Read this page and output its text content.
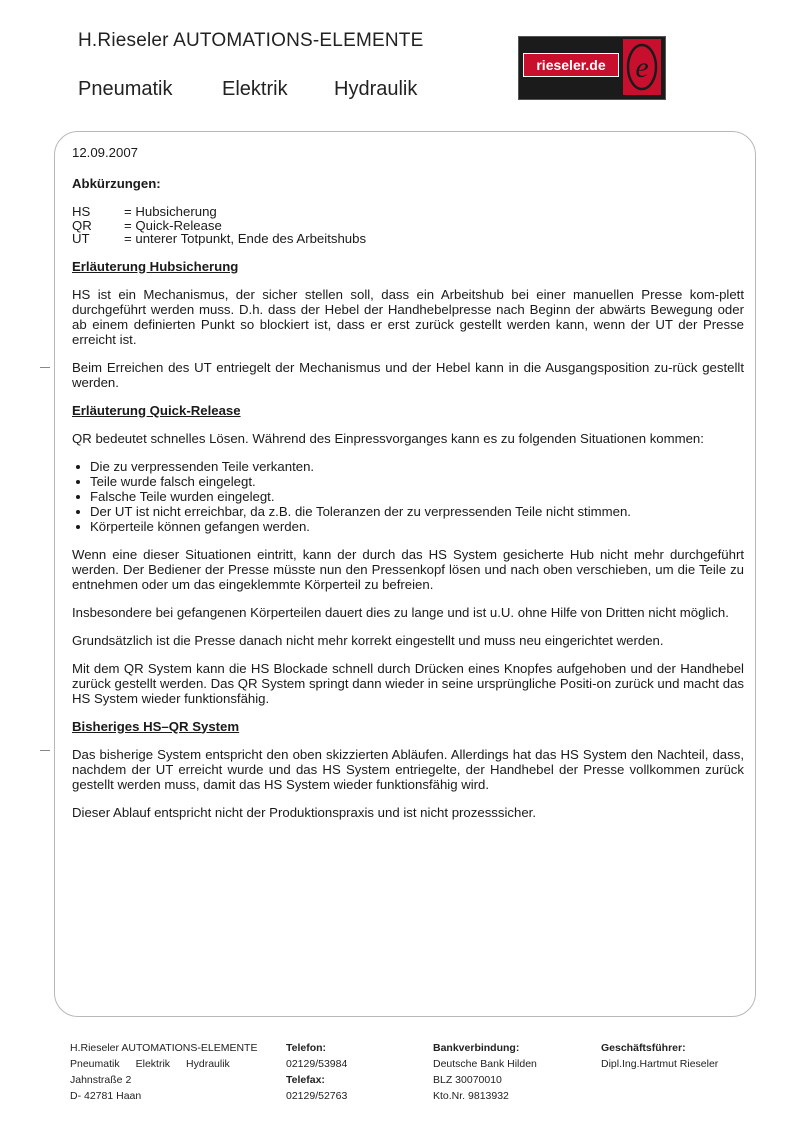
H.Rieseler AUTOMATIONS-ELEMENTE
Pneumatik Elektrik Hydraulik
rieseler.de e
12.09.2007
Abkürzungen:
HS	= Hubsicherung
QR	= Quick-Release
UT	= unterer Totpunkt, Ende des Arbeitshubs
Erläuterung Hubsicherung

HS ist ein Mechanismus, der sicher stellen soll, dass ein Arbeitshub bei einer manuellen Presse kom-plett durchgeführt werden muss. D.h. dass der Hebel der Handhebelpresse nach Beginn der abwärts Bewegung oder ab einem definierten Punkt so blockiert ist, dass er erst zurück gestellt werden kann, wenn der UT der Presse erreicht ist.

Beim Erreichen des UT entriegelt der Mechanismus und der Hebel kann in die Ausgangsposition zu-rück gestellt werden.

Erläuterung Quick-Release

QR bedeutet schnelles Lösen. Während des Einpressvorganges kann es zu folgenden Situationen kommen:

Die zu verpressenden Teile verkanten.
Teile wurde falsch eingelegt.
Falsche Teile wurden eingelegt.
Der UT ist nicht erreichbar, da z.B. die Toleranzen der zu verpressenden Teile nicht stimmen.
Körperteile können gefangen werden.

Wenn eine dieser Situationen eintritt, kann der durch das HS System gesicherte Hub nicht mehr durchgeführt werden. Der Bediener der Presse müsste nun den Pressenkopf lösen und nach oben verschieben, um die Teile zu entnehmen oder um das eingeklemmte Körperteil zu befreien.

Insbesondere bei gefangenen Körperteilen dauert dies zu lange und ist u.U. ohne Hilfe von Dritten nicht möglich.

Grundsätzlich ist die Presse danach nicht mehr korrekt eingestellt und muss neu eingerichtet werden.

Mit dem QR System kann die HS Blockade schnell durch Drücken eines Knopfes aufgehoben und der Handhebel zurück gestellt werden. Das QR System springt dann wieder in seine ursprüngliche Positi-on zurück und macht das HS System wieder funktionsfähig.

Bisheriges HS–QR System

Das bisherige System entspricht den oben skizzierten Abläufen. Allerdings hat das HS System den Nachteil, dass, nachdem der UT erreicht wurde und das HS System entriegelte, der Handhebel der Presse vollkommen zurück gestellt werden muss, damit das HS System wieder funktionsfähig wird.

Dieser Ablauf entspricht nicht der Produktionspraxis und ist nicht prozesssicher.

H.Rieseler AUTOMATIONS-ELEMENTE
Pneumatik Elektrik Hydraulik
Jahnstraße 2
D- 42781 Haan
Telefon:
02129/53984
Telefax:
02129/52763
Bankverbindung:
Deutsche Bank Hilden
BLZ 30070010
Kto.Nr. 9813932
Geschäftsführer:
Dipl.Ing.Hartmut Rieseler
